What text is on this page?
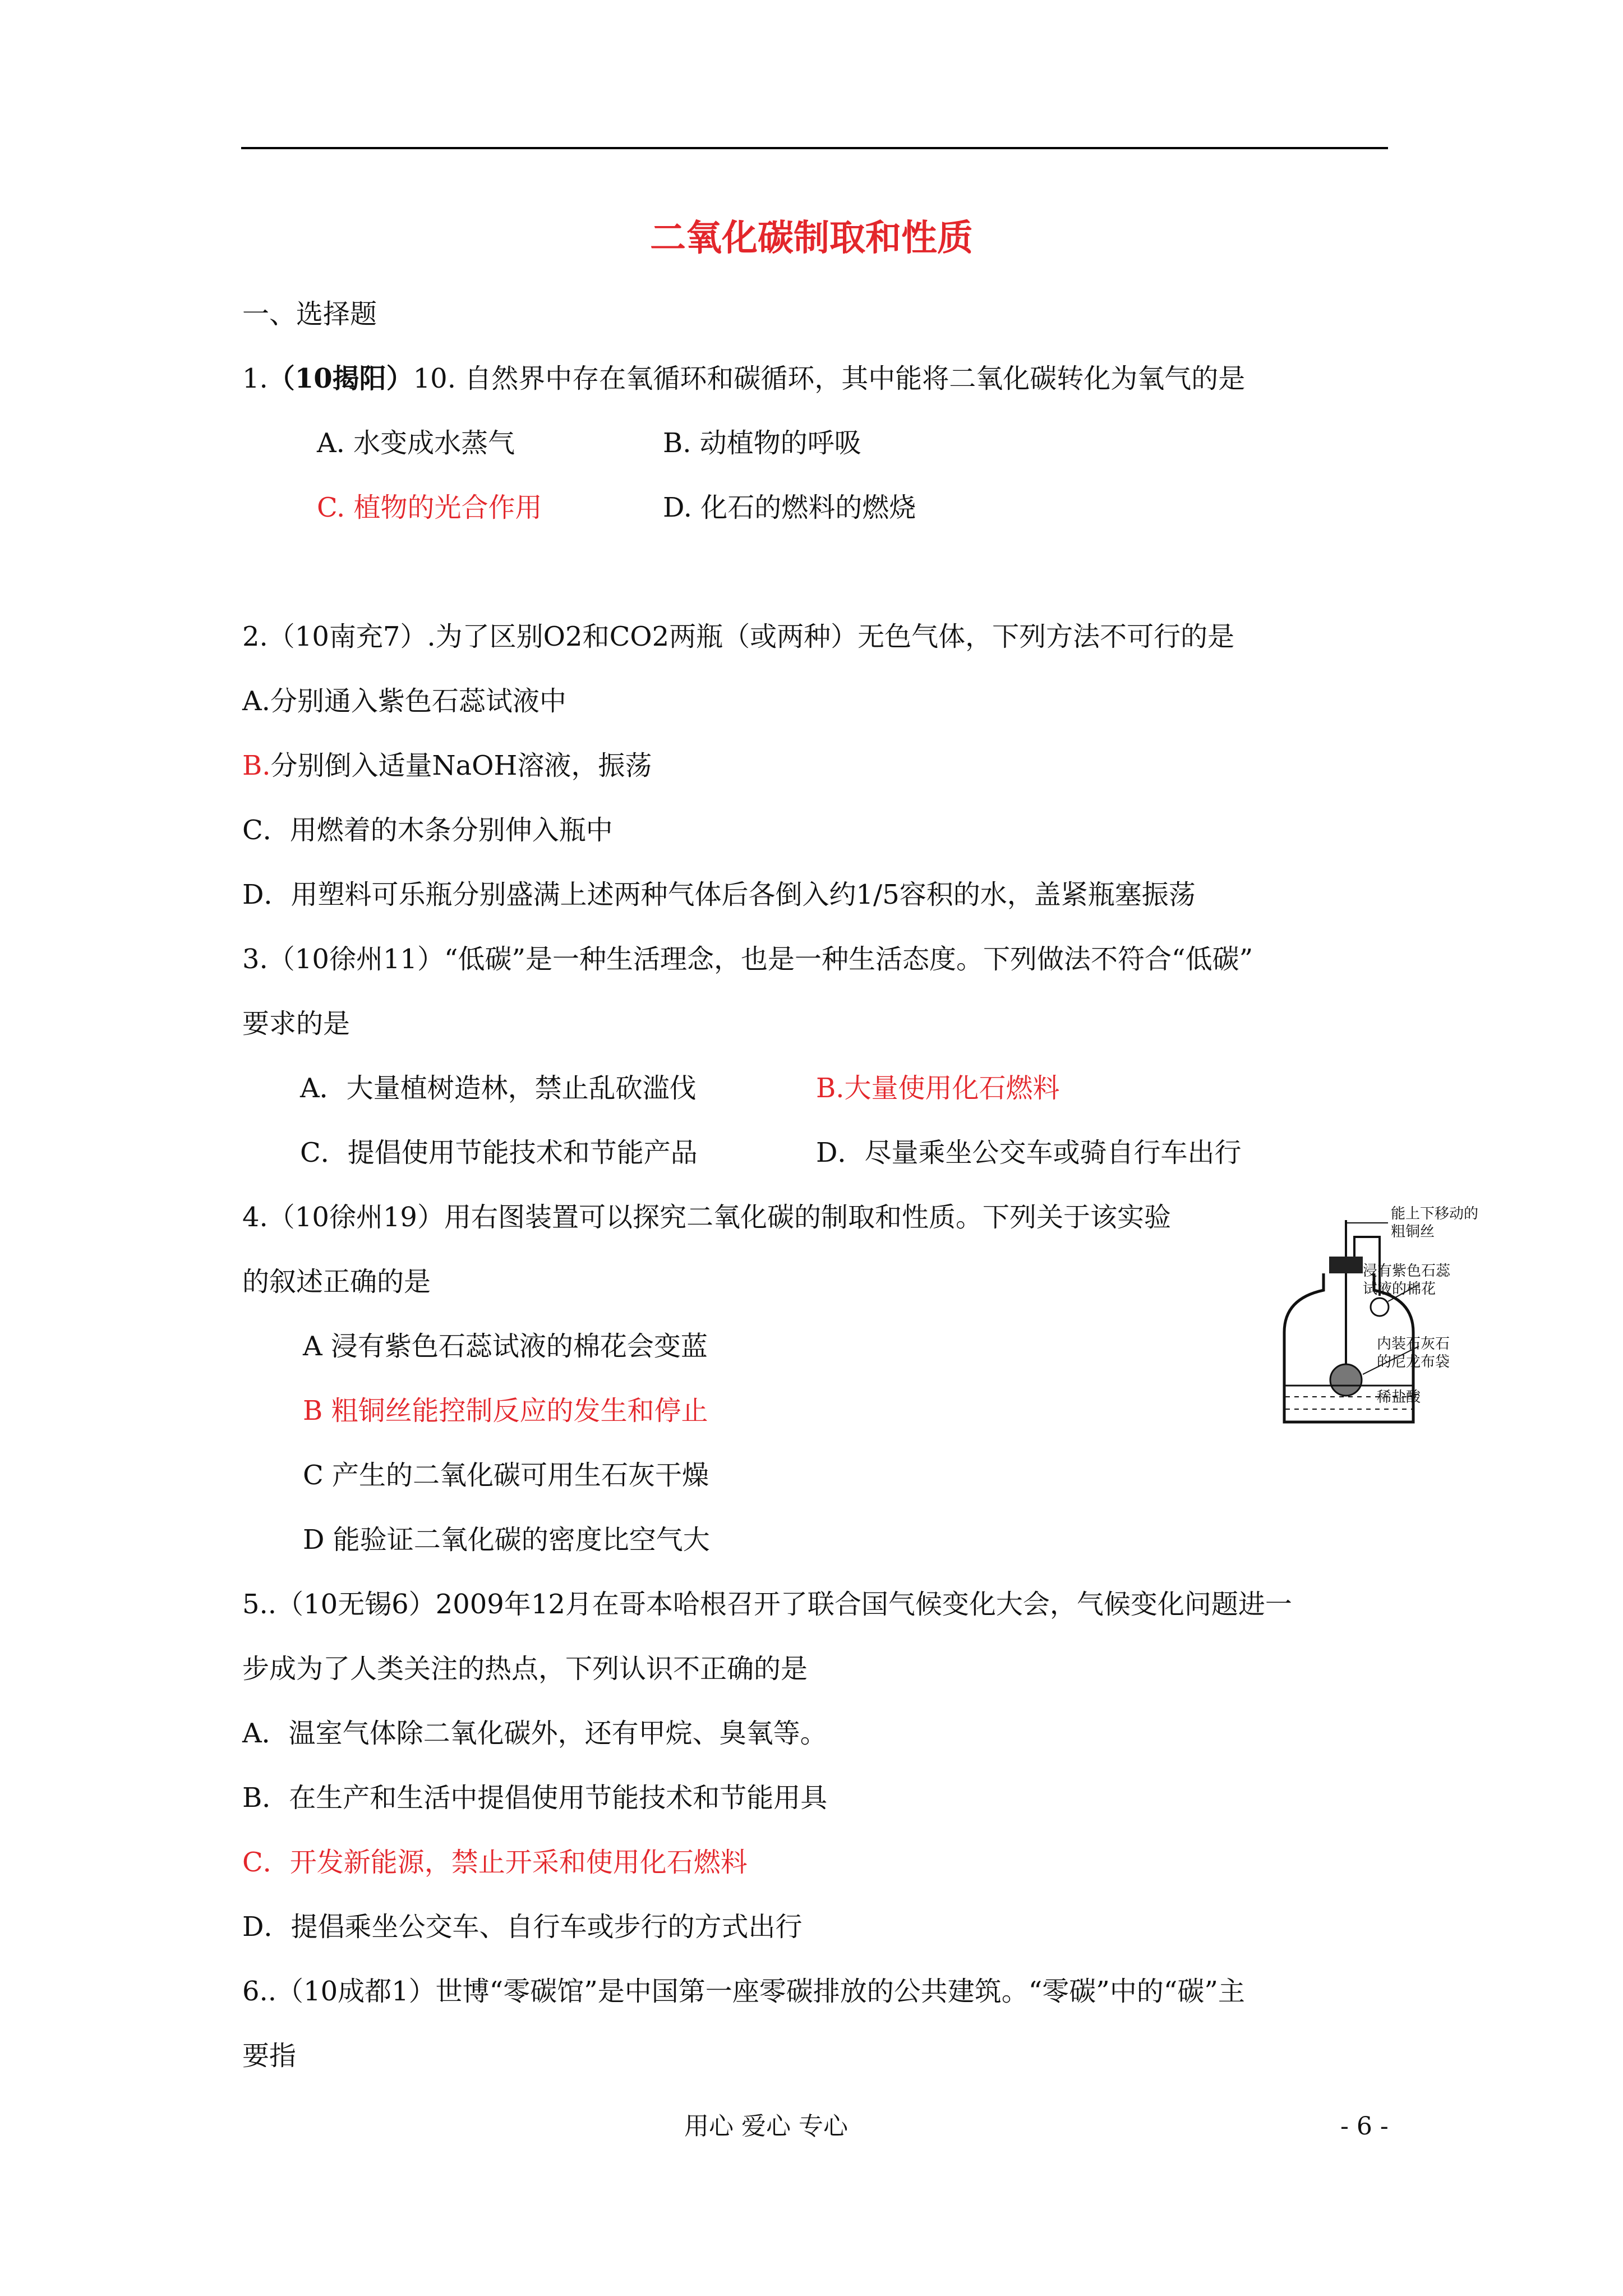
二氧化碳制取和性质
一、选择题
1.（10揭阳）10. 自然界中存在氧循环和碳循环，其中能将二氧化碳转化为氧气的是
A. 水变成水蒸气	B. 动植物的呼吸
C. 植物的光合作用	D. 化石的燃料的燃烧
2.（10南充7）.为了区别O2和CO2两瓶（或两种）无色气体，下列方法不可行的是
A.分别通入紫色石蕊试液中
B.分别倒入适量NaOH溶液，振荡
C．用燃着的木条分别伸入瓶中
D．用塑料可乐瓶分别盛满上述两种气体后各倒入约1/5容积的水，盖紧瓶塞振荡
3.（10徐州11）“低碳”是一种生活理念，也是一种生活态度。下列做法不符合“低碳”
要求的是
A．大量植树造林，禁止乱砍滥伐	B.大量使用化石燃料
C．提倡使用节能技术和节能产品	D．尽量乘坐公交车或骑自行车出行
4.（10徐州19）用右图装置可以探究二氧化碳的制取和性质。下列关于该实验
的叙述正确的是
A 浸有紫色石蕊试液的棉花会变蓝
B 粗铜丝能控制反应的发生和停止
C 产生的二氧化碳可用生石灰干燥
D 能验证二氧化碳的密度比空气大
能上下移动的
粗铜丝
浸有紫色石蕊
试液的棉花
内装石灰石
的尼龙布袋
稀盐酸
5..（10无锡6）2009年12月在哥本哈根召开了联合国气候变化大会，气候变化问题进一
步成为了人类关注的热点，下列认识不正确的是
A．温室气体除二氧化碳外，还有甲烷、臭氧等。
B．在生产和生活中提倡使用节能技术和节能用具
C．开发新能源，禁止开采和使用化石燃料
D．提倡乘坐公交车、自行车或步行的方式出行
6..（10成都1）世博“零碳馆”是中国第一座零碳排放的公共建筑。“零碳”中的“碳”主
要指
用心 爱心 专心	- 6 -
